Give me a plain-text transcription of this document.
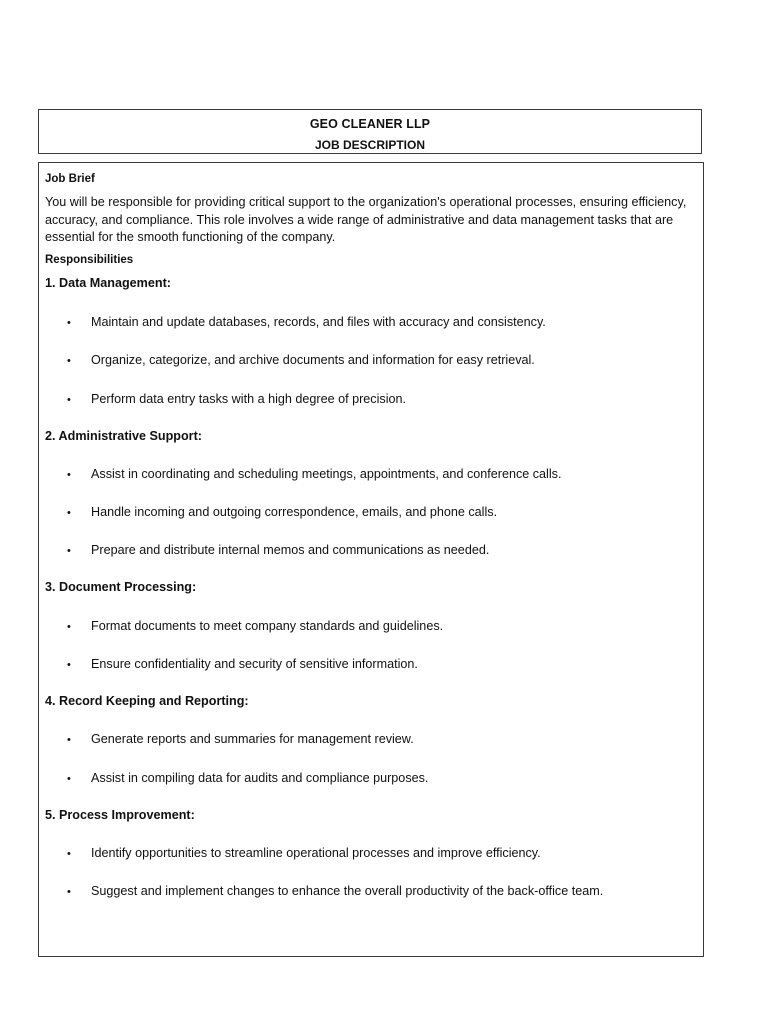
GEO CLEANER LLP
JOB DESCRIPTION
Job Brief
You will be responsible for providing critical support to the organization's operational processes, ensuring efficiency, accuracy, and compliance. This role involves a wide range of administrative and data management tasks that are essential for the smooth functioning of the company.
Responsibilities
1. Data Management:
• Maintain and update databases, records, and files with accuracy and consistency.
• Organize, categorize, and archive documents and information for easy retrieval.
• Perform data entry tasks with a high degree of precision.
2. Administrative Support:
• Assist in coordinating and scheduling meetings, appointments, and conference calls.
• Handle incoming and outgoing correspondence, emails, and phone calls.
• Prepare and distribute internal memos and communications as needed.
3. Document Processing:
• Format documents to meet company standards and guidelines.
• Ensure confidentiality and security of sensitive information.
4. Record Keeping and Reporting:
• Generate reports and summaries for management review.
• Assist in compiling data for audits and compliance purposes.
5. Process Improvement:
• Identify opportunities to streamline operational processes and improve efficiency.
• Suggest and implement changes to enhance the overall productivity of the back-office team.
